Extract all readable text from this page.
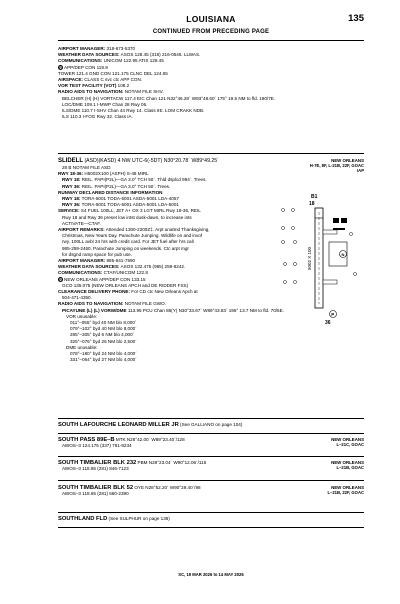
LOUISIANA	135
CONTINUED FROM PRECEDING PAGE
AIRPORT MANAGER: 318-673-5370
WEATHER DATA SOURCES: ASOS 128.45 (318) 216-0546. LLWAS.
COMMUNICATIONS: UNICOM 122.95 ATIS 128.45
R APP/DEP CON 119.9
TOWER 121.4 GND CON 121.175 CLNC DEL 124.65
AIRSPACE: CLASS C svc ctc APP CON.
VOR TEST FACILITY (VOT) 108.2
RADIO AIDS TO NAVIGATION: NOTAM FILE SHV.
BELCHER (H) (H) VORTACW 117.4 EIC Chan 121 N32°46.28´ W93°48.60´ 175° 19.5 NM to fld. 190/7E.
LOC/DME 109.1 I-MWP Chan 28 Rwy 06.
ILS/DME 110.7 I-SHV Chan 44 Rwy 14. Class IIE. LOM CRAKK NDB.
ILS 110.3 I-FOG Rwy 32. Class IA.
NEW ORLEANS
H-7E, 8F, L-21B, 22F, GOAC
IAP
SLIDELL (ASD)(KASD) 4 NW UTC-6(-5DT) N30°20.78´ W89°49.25´
28 B NOTAM FILE ASD
RWY 18-36: H5002X100 (ASPH) S-48 MIRL
RWY 18: REIL. PAPI(P2L)—GA 3.0° TCH 50´. Thld dsplcd 994´. Trees.
RWY 36: REIL. PAPI(P2L)—GA 3.0° TCH 50´. Trees.
RUNWAY DECLARED DISTANCE INFORMATION
RWY 18: TORA-5001 TODA-5001 ASDA-5001 LDA-4057
RWY 36: TORA-5001 TODA-5001 ASDA-5001 LDA-5001
SERVICE: S4 FUEL 100LL, JET A+ OX 3 LGT MIRL Rwy 18-36, REIL
Rwy 18 and Rwy 36 preset low intst dusk-dawn, to increase ints
ACTIVATE—CTAF.
AIRPORT REMARKS: Attended 1300-2200Z‡. Arpt unattnd Thanksgiving,
Christmas, New Years Day. Parachute Jumping. Wildlife on and invof
rwy. 100LL avbl 24 hrs with credit card. For JET fuel after hrs call
985-259-2460. Parachute Jumping on weekends. Ctc arpt mgr
for dsgnd ramp space for pub use.
AIRPORT MANAGER: 985-641-7590
WEATHER DATA SOURCES: ASOS 132.475 (985) 259-6242.
COMMUNICATIONS: CTAF/UNICOM 122.8
R NEW ORLEANS APP/DEP CON 133.15
GCO 135.075 (NEW ORLEANS APCH and DE RIDDER FSS)
CLEARANCE DELIVERY PHONE: For CD ctc New Orleans Apch at
504-471-4350.
RADIO AIDS TO NAVIGATION: NOTAM FILE GWO.
PICAYUNE (L) (L) VORW/DME 113.95 PCU Chan 86(Y) N30°33.67´ W89°43.83´ 195° 13.7 NM to fld. 70/5E.
VOR unusable:
011°–055° byd 40 NM blo 8,000´
079°–102° byd 40 NM blo 8,000´
285°–305° byd 6 NM blo 4,000´
325°–076° byd 26 NM blo 2,500´
DME unusable:
078°–180° byd 24 NM blo 4,000´
331°–064° byd 27 NM blo 4,000´
B1
18
5002 X 100	N
P
36
SOUTH LAFOURCHE LEONARD MILLER JR (See GALLIANO on page 104)
NEW ORLEANS
L–21C, GOAC
SOUTH PASS 89E–B MTK N28°42.00´ W89°23.40´/128
AWOS–3 124.175 (337) 761-8234
NEW ORLEANS
L–21B, GOAC
SOUTH TIMBALIER BLK 232 PBM N28°23.04´ W90°12.06´/115
AWOS–3 118.85 (281) 846-7123
NEW ORLEANS
L–21B, 22F, GOAC
SOUTH TIMBALIER BLK 52 OYE N28°52.20´ W90°29.40´/98
AWOS–3 118.65 (281) 560-2390
SOUTHLAND FLD (See SULPHUR on page 136)
SC, 19 MAR 2026 to 14 MAY 2026
